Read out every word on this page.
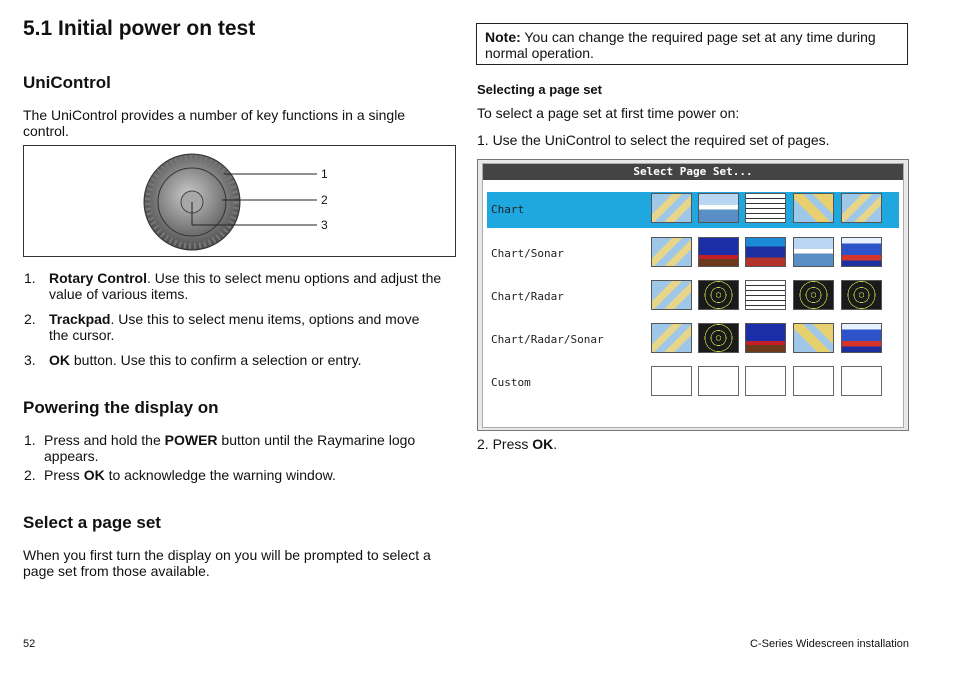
5.1 Initial power on test
UniControl
The UniControl provides a number of key functions in a single
control.
1
2
3
1. Rotary Control. Use this to select menu options and adjust the
value of various items.
2. Trackpad. Use this to select menu items, options and move
the cursor.
3. OK button. Use this to confirm a selection or entry.
Powering the display on
1. Press and hold the POWER button until the Raymarine logo
appears.
2. Press OK to acknowledge the warning window.
Select a page set
When you first turn the display on you will be prompted to select a
page set from those available.
Note: You can change the required page set at any time during
normal operation.
Selecting a page set
To select a page set at first time power on:
1. Use the UniControl to select the required set of pages.
Select Page Set...
Chart
Chart/Sonar
Chart/Radar
Chart/Radar/Sonar
Custom
2. Press OK.
52	C-Series Widescreen installation
